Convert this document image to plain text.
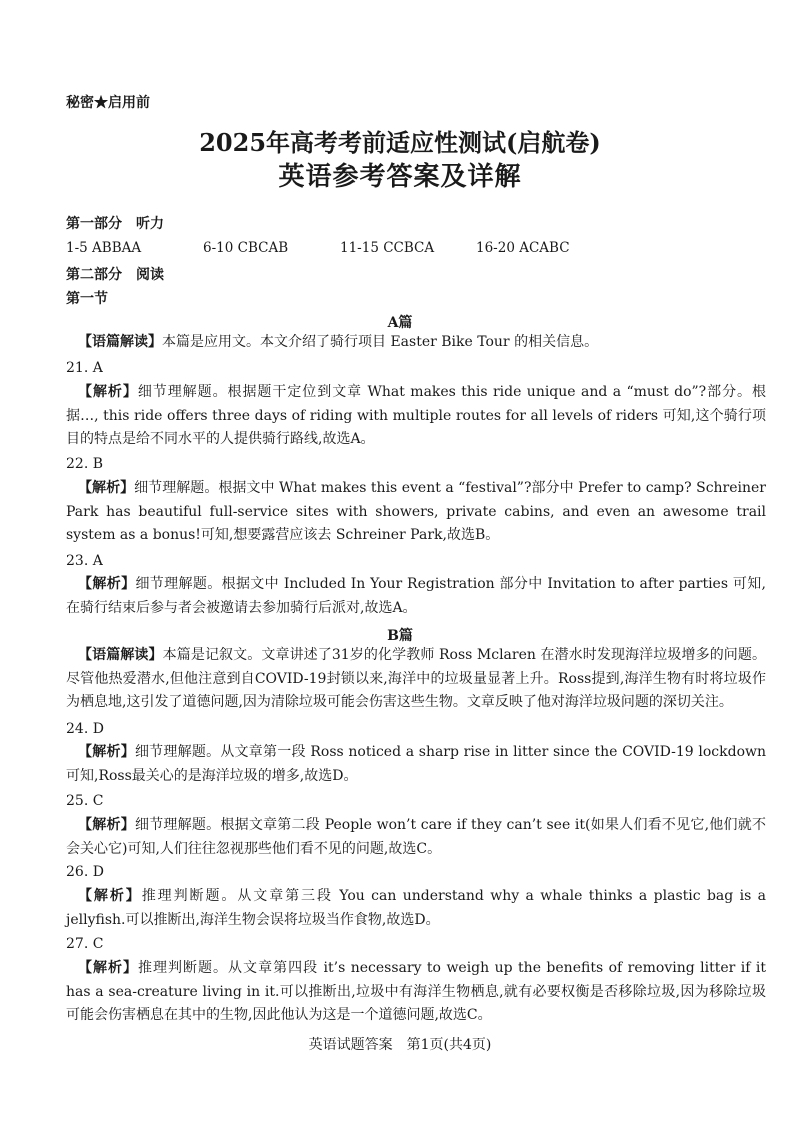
秘密★启用前
2025年高考考前适应性测试(启航卷)
英语参考答案及详解
第一部分　听力
1-5 ABBAA	6-10 CBCAB	11-15 CCBCA	16-20 ACABC
第二部分　阅读
第一节
A篇
【语篇解读】本篇是应用文。本文介绍了骑行项目 Easter Bike Tour 的相关信息。
21. A
【解析】细节理解题。根据题干定位到文章 What makes this ride unique and a “must do”?部分。根据…, this ride offers three days of riding with multiple routes for all levels of riders 可知,这个骑行项目的特点是给不同水平的人提供骑行路线,故选A。
22. B
【解析】细节理解题。根据文中 What makes this event a “festival”?部分中 Prefer to camp? Schreiner Park has beautiful full-service sites with showers, private cabins, and even an awesome trail system as a bonus!可知,想要露营应该去 Schreiner Park,故选B。
23. A
【解析】细节理解题。根据文中 Included In Your Registration 部分中 Invitation to after parties 可知,在骑行结束后参与者会被邀请去参加骑行后派对,故选A。
B篇
【语篇解读】本篇是记叙文。文章讲述了31岁的化学教师 Ross Mclaren 在潜水时发现海洋垃圾增多的问题。尽管他热爱潜水,但他注意到自COVID-19封锁以来,海洋中的垃圾量显著上升。Ross提到,海洋生物有时将垃圾作为栖息地,这引发了道德问题,因为清除垃圾可能会伤害这些生物。文章反映了他对海洋垃圾问题的深切关注。
24. D
【解析】细节理解题。从文章第一段 Ross noticed a sharp rise in litter since the COVID-19 lockdown 可知,Ross最关心的是海洋垃圾的增多,故选D。
25. C
【解析】细节理解题。根据文章第二段 People won’t care if they can’t see it(如果人们看不见它,他们就不会关心它)可知,人们往往忽视那些他们看不见的问题,故选C。
26. D
【解析】推理判断题。从文章第三段 You can understand why a whale thinks a plastic bag is a jellyfish.可以推断出,海洋生物会误将垃圾当作食物,故选D。
27. C
【解析】推理判断题。从文章第四段 it’s necessary to weigh up the benefits of removing litter if it has a sea-creature living in it.可以推断出,垃圾中有海洋生物栖息,就有必要权衡是否移除垃圾,因为移除垃圾可能会伤害栖息在其中的生物,因此他认为这是一个道德问题,故选C。
英语试题答案　第1页(共4页)
